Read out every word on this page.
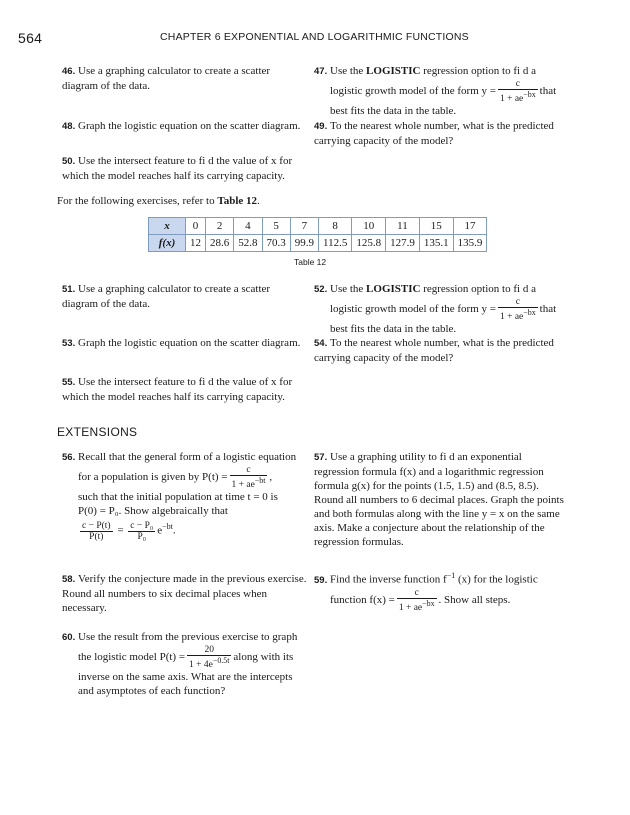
564	CHAPTER 6 EXPONENTIAL AND LOGARITHMIC FUNCTIONS
46. Use a graphing calculator to create a scatter diagram of the data.
47. Use the LOGISTIC regression option to fi d a
logistic growth model of the form $y = \frac{c}{1 + ae^{-bx}}$ that
best fits the data in the table.
48. Graph the logistic equation on the scatter diagram.	49. To the nearest whole number, what is the predicted carrying capacity of the model?
50. Use the intersect feature to fi d the value of x for which the model reaches half its carrying capacity.
For the following exercises, refer to Table 12.
x	0	2	4	5	7	8	10	11	15	17
f(x)	12	28.6	52.8	70.3	99.9	112.5	125.8	127.9	135.1	135.9
Table 12
51. Use a graphing calculator to create a scatter diagram of the data.
52. Use the LOGISTIC regression option to fi d a
logistic growth model of the form $y = \frac{c}{1 + ae^{-bx}}$ that
best fits the data in the table.
53. Graph the logistic equation on the scatter diagram.	54. To the nearest whole number, what is the predicted carrying capacity of the model?
55. Use the intersect feature to fi d the value of x for which the model reaches half its carrying capacity.
EXTENSIONS
56. Recall that the general form of a logistic equation
for a population is given by $P(t) = \frac{c}{1 + ae^{-bt}}$ ,
such that the initial population at time t = 0 is
P(0) = P₀. Show algebraically that
$\frac{c - P(t)}{P(t)} = \frac{\text{c − P₀}}{\text{P₀}} e^{-bt}$.
57. Use a graphing utility to fi d an exponential regression formula f(x) and a logarithmic regression formula g(x) for the points (1.5, 1.5) and (8.5, 8.5). Round all numbers to 6 decimal places. Graph the points and both formulas along with the line y = x on the same axis. Make a conjecture about the relationship of the regression formulas.
58. Verify the conjecture made in the previous exercise. Round all numbers to six decimal places when necessary.
59. Find the inverse function $f^{-1}$ (x) for the logistic
function $f(x) = \frac{c}{1 + ae^{-bx}}$ . Show all steps.
60. Use the result from the previous exercise to graph
the logistic model $P(t) = \frac{20}{1 + 4e^{-0.5t}}$ along with its
inverse on the same axis. What are the intercepts and asymptotes of each function?
